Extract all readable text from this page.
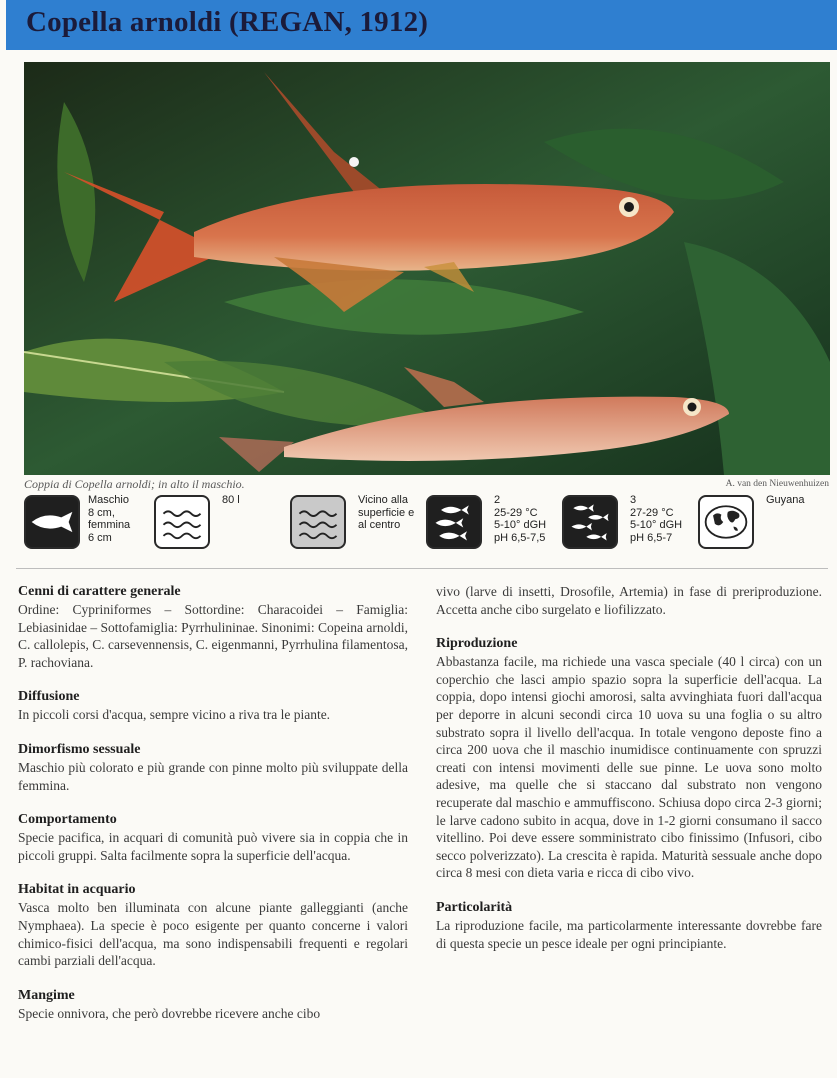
Copella arnoldi (REGAN, 1912)
Coppia di Copella arnoldi; in alto il maschio.	A. van den Nieuwenhuizen
Maschio
8 cm,
femmina
6 cm
80 l	Vicino alla
superficie e
al centro
2
25-29 °C
5-10° dGH
pH 6,5-7,5
3
27-29 °C
5-10° dGH
pH 6,5-7
Guyana
Cenni di carattere generale

Ordine: Cypriniformes – Sottordine: Characoidei – Famiglia: Lebiasinidae – Sottofamiglia: Pyrrhulininae. Sinonimi: Copeina arnoldi, C. callolepis, C. carsevennensis, C. eigenmanni, Pyrrhulina filamentosa, P. rachoviana.

Diffusione

In piccoli corsi d'acqua, sempre vicino a riva tra le piante.

Dimorfismo sessuale

Maschio più colorato e più grande con pinne molto più sviluppate della femmina.

Comportamento

Specie pacifica, in acquari di comunità può vivere sia in coppia che in piccoli gruppi. Salta facilmente sopra la superficie dell'acqua.

Habitat in acquario

Vasca molto ben illuminata con alcune piante galleggianti (anche Nymphaea). La specie è poco esigente per quanto concerne i valori chimico-fisici dell'acqua, ma sono indispensabili frequenti e regolari cambi parziali dell'acqua.

Mangime

Specie onnivora, che però dovrebbe ricevere anche cibo

vivo (larve di insetti, Drosofile, Artemia) in fase di preriproduzione. Accetta anche cibo surgelato e liofilizzato.

Riproduzione

Abbastanza facile, ma richiede una vasca speciale (40 l circa) con un coperchio che lasci ampio spazio sopra la superficie dell'acqua. La coppia, dopo intensi giochi amorosi, salta avvinghiata fuori dall'acqua per deporre in alcuni secondi circa 10 uova su una foglia o su altro substrato sopra il livello dell'acqua. In totale vengono deposte fino a circa 200 uova che il maschio inumidisce continuamente con spruzzi creati con intensi movimenti delle sue pinne. Le uova sono molto adesive, ma quelle che si staccano dal substrato non vengono recuperate dal maschio e ammuffiscono. Schiusa dopo circa 2-3 giorni; le larve cadono subito in acqua, dove in 1-2 giorni consumano il sacco vitellino. Poi deve essere somministrato cibo finissimo (Infusori, cibo secco polverizzato). La crescita è rapida. Maturità sessuale anche dopo circa 8 mesi con dieta varia e ricca di cibo vivo.

Particolarità

La riproduzione facile, ma particolarmente interessante dovrebbe fare di questa specie un pesce ideale per ogni principiante.
